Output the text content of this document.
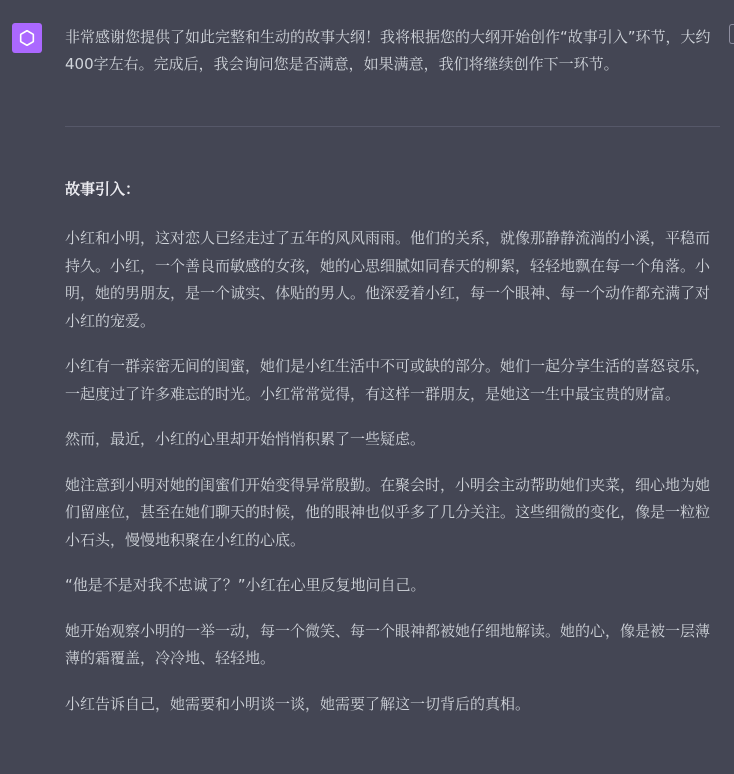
非常感谢您提供了如此完整和生动的故事大纲！我将根据您的大纲开始创作“故事引入”环节，大约400字左右。完成后，我会询问您是否满意，如果满意，我们将继续创作下一环节。

故事引入：

小红和小明，这对恋人已经走过了五年的风风雨雨。他们的关系，就像那静静流淌的小溪，平稳而持久。小红，一个善良而敏感的女孩，她的心思细腻如同春天的柳絮，轻轻地飘在每一个角落。小明，她的男朋友，是一个诚实、体贴的男人。他深爱着小红，每一个眼神、每一个动作都充满了对小红的宠爱。

小红有一群亲密无间的闺蜜，她们是小红生活中不可或缺的部分。她们一起分享生活的喜怒哀乐，一起度过了许多难忘的时光。小红常常觉得，有这样一群朋友，是她这一生中最宝贵的财富。

然而，最近，小红的心里却开始悄悄积累了一些疑虑。

她注意到小明对她的闺蜜们开始变得异常殷勤。在聚会时，小明会主动帮助她们夹菜，细心地为她们留座位，甚至在她们聊天的时候，他的眼神也似乎多了几分关注。这些细微的变化，像是一粒粒小石头，慢慢地积聚在小红的心底。

“他是不是对我不忠诚了？”小红在心里反复地问自己。

她开始观察小明的一举一动，每一个微笑、每一个眼神都被她仔细地解读。她的心，像是被一层薄薄的霜覆盖，冷冷地、轻轻地。

小红告诉自己，她需要和小明谈一谈，她需要了解这一切背后的真相。
